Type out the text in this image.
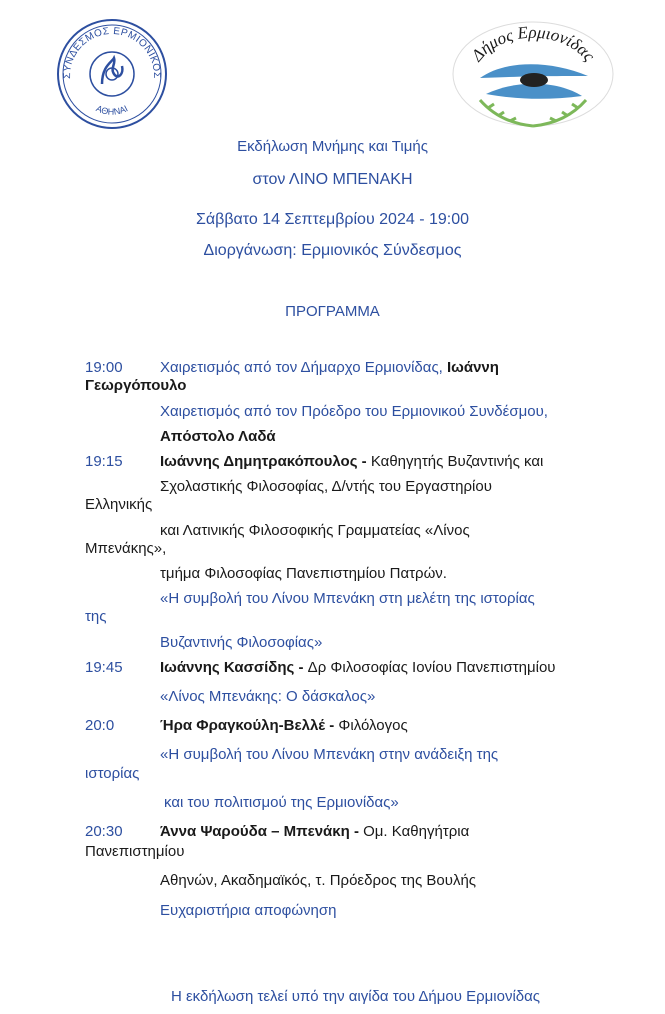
ΣΥΝΔΕΣΜΟΣ ΕΡΜΙΟΝΙΚΟΣ
ΑΘΗΝΑΙ
Δήμος Ερμιονίδας
Εκδήλωση Μνήμης και Τιμής
στον ΛΙΝΟ ΜΠΕΝΑΚΗ
Σάββατο 14 Σεπτεμβρίου 2024 - 19:00
Διοργάνωση: Ερμιονικός Σύνδεσμος
ΠΡΟΓΡΑΜΜΑ
19:00 Χαιρετισμός από τον Δήμαρχο Ερμιονίδας, Ιωάννη
Γεωργόπουλο
Χαιρετισμός από τον Πρόεδρο του Ερμιονικού Συνδέσμου,
Απόστολο Λαδά
19:15 Ιωάννης Δημητρακόπουλος - Καθηγητής Βυζαντινής και
Σχολαστικής Φιλοσοφίας, Δ/ντής του Εργαστηρίου
Ελληνικής
και Λατινικής Φιλοσοφικής Γραμματείας «Λίνος
Μπενάκης»,
τμήμα Φιλοσοφίας Πανεπιστημίου Πατρών.
«Η συμβολή του Λίνου Μπενάκη στη μελέτη της ιστορίας
της
Βυζαντινής Φιλοσοφίας»
19:45 Ιωάννης Κασσίδης - Δρ Φιλοσοφίας Ιονίου Πανεπιστημίου
«Λίνος Μπενάκης: Ο δάσκαλος»
20:0	Ήρα Φραγκούλη-Βελλέ - Φιλόλογος
«Η συμβολή του Λίνου Μπενάκη στην ανάδειξη της
ιστορίας
και του πολιτισμού της Ερμιονίδας»
20:30 Άννα Ψαρούδα – Μπενάκη - Ομ. Καθηγήτρια
Πανεπιστημίου
Αθηνών, Ακαδημαϊκός, τ. Πρόεδρος της Βουλής
Ευχαριστήρια αποφώνηση
Η εκδήλωση τελεί υπό την αιγίδα του Δήμου Ερμιονίδας
